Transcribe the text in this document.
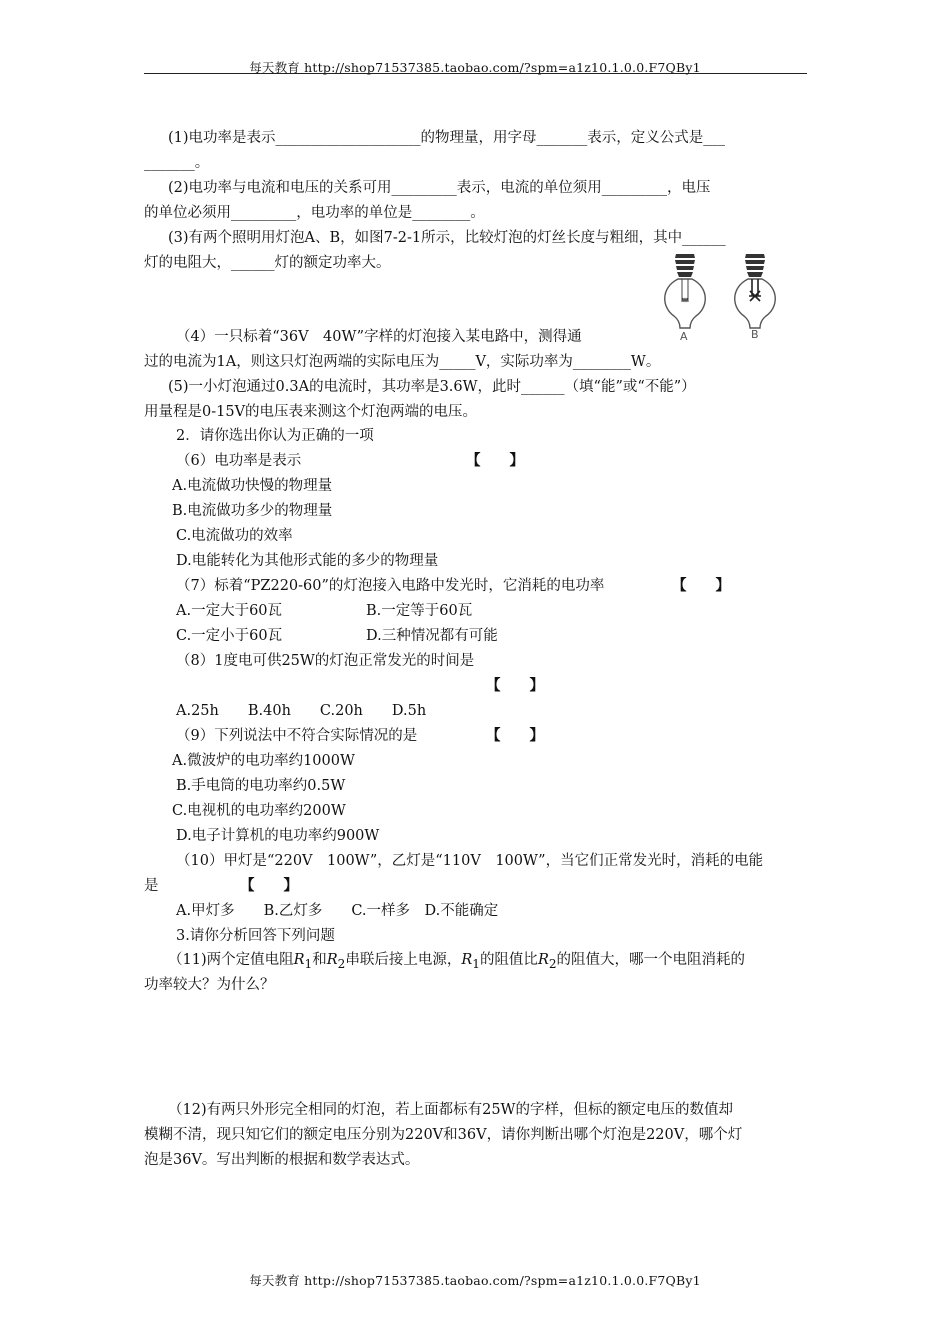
每天教育 http://shop71537385.taobao.com/?spm=a1z10.1.0.0.F7QBy1
(1)电功率是表示____________________的物理量，用字母_______表示，定义公式是___
_______。
(2)电功率与电流和电压的关系可用_________表示，电流的单位须用_________，电压
的单位必须用_________，电功率的单位是________。
(3)有两个照明用灯泡A、B，如图7-2-1所示，比较灯泡的灯丝长度与粗细，其中______
灯的电阻大，______灯的额定功率大。
A	B
（4）一只标着“36V　40W”字样的灯泡接入某电路中，测得通
过的电流为1A，则这只灯泡两端的实际电压为_____V，实际功率为________W。
(5)一小灯泡通过0.3A的电流时，其功率是3.6W，此时______（填“能”或“不能”）
用量程是0-15V的电压表来测这个灯泡两端的电压。
2．请你选出你认为正确的一项
（6）电功率是表示	【　　】
A.电流做功快慢的物理量
B.电流做功多少的物理量
C.电流做功的效率
D.电能转化为其他形式能的多少的物理量
（7）标着“PZ220-60”的灯泡接入电路中发光时，它消耗的电功率	【　　】
A.一定大于60瓦	B.一定等于60瓦
C.一定小于60瓦	D.三种情况都有可能
（8）1度电可供25W的灯泡正常发光的时间是
【　　】
A.25h　　B.40h　　C.20h　　D.5h
（9）下列说法中不符合实际情况的是	【　　】
A.微波炉的电功率约1000W
B.手电筒的电功率约0.5W
C.电视机的电功率约200W
D.电子计算机的电功率约900W
（10）甲灯是“220V　100W”，乙灯是“110V　100W”，当它们正常发光时，消耗的电能
是	【　　】
A.甲灯多　　B.乙灯多　　C.一样多　D.不能确定
3.请你分析回答下列问题
（11)两个定值电阻$R_1$和$R_2$串联后接上电源，$R_1$的阻值比$R_2$的阻值大，哪一个电阻消耗的
功率较大？为什么？
（12)有两只外形完全相同的灯泡，若上面都标有25W的字样，但标的额定电压的数值却
模糊不清，现只知它们的额定电压分别为220V和36V，请你判断出哪个灯泡是220V，哪个灯
泡是36V。写出判断的根据和数学表达式。
每天教育 http://shop71537385.taobao.com/?spm=a1z10.1.0.0.F7QBy1
